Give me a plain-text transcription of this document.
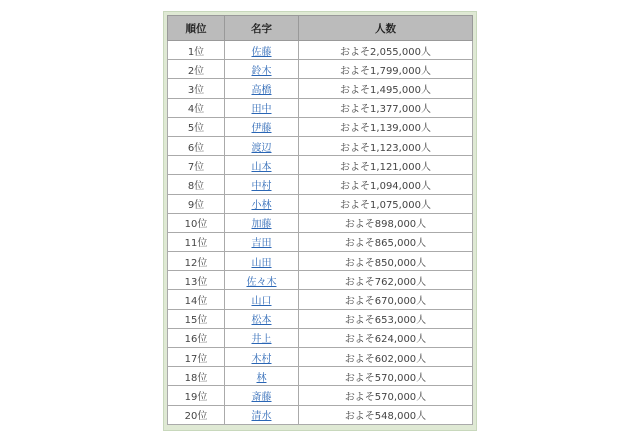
順位	名字	人数
1位	佐藤	およそ2,055,000人
2位	鈴木	およそ1,799,000人
3位	高橋	およそ1,495,000人
4位	田中	およそ1,377,000人
5位	伊藤	およそ1,139,000人
6位	渡辺	およそ1,123,000人
7位	山本	およそ1,121,000人
8位	中村	およそ1,094,000人
9位	小林	およそ1,075,000人
10位	加藤	およそ898,000人
11位	吉田	およそ865,000人
12位	山田	およそ850,000人
13位	佐々木	およそ762,000人
14位	山口	およそ670,000人
15位	松本	およそ653,000人
16位	井上	およそ624,000人
17位	木村	およそ602,000人
18位	林	およそ570,000人
19位	斎藤	およそ570,000人
20位	清水	およそ548,000人
